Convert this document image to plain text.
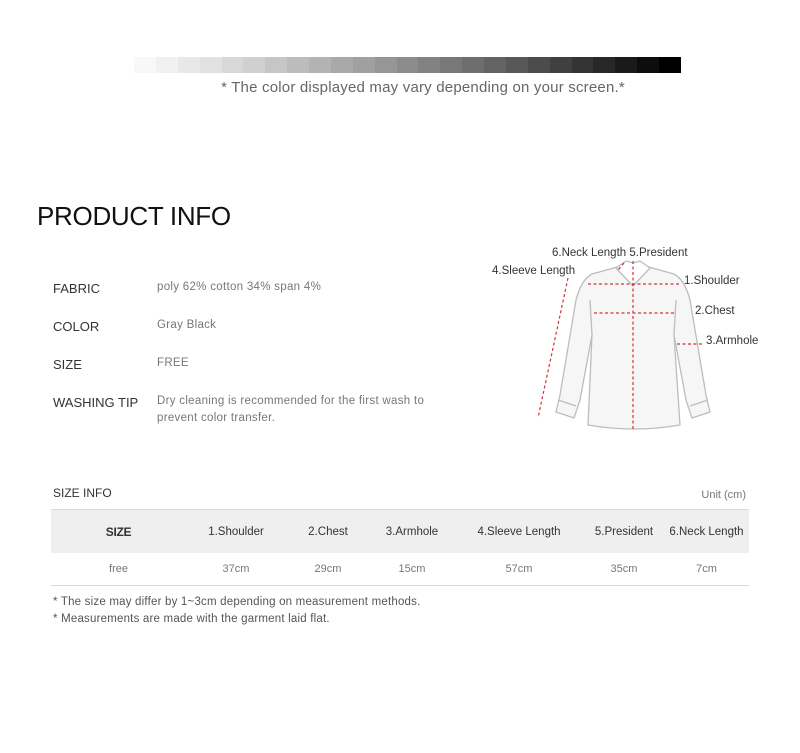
* The color displayed may vary depending on your screen.*
PRODUCT INFO
FABRIC	poly 62% cotton 34% span 4%
COLOR	Gray Black
SIZE	FREE
WASHING TIP Dry cleaning is recommended for the first wash to prevent color transfer.
6.Neck Length 5.President
4.Sleeve Length
1.Shoulder
2.Chest
3.Armhole
SIZE INFO	Unit (cm)
SIZE	1.Shoulder	2.Chest	3.Armhole	4.Sleeve Length	5.President	6.Neck Length
free	37cm	29cm	15cm	57cm	35cm	7cm
* The size may differ by 1~3cm depending on measurement methods.
* Measurements are made with the garment laid flat.
